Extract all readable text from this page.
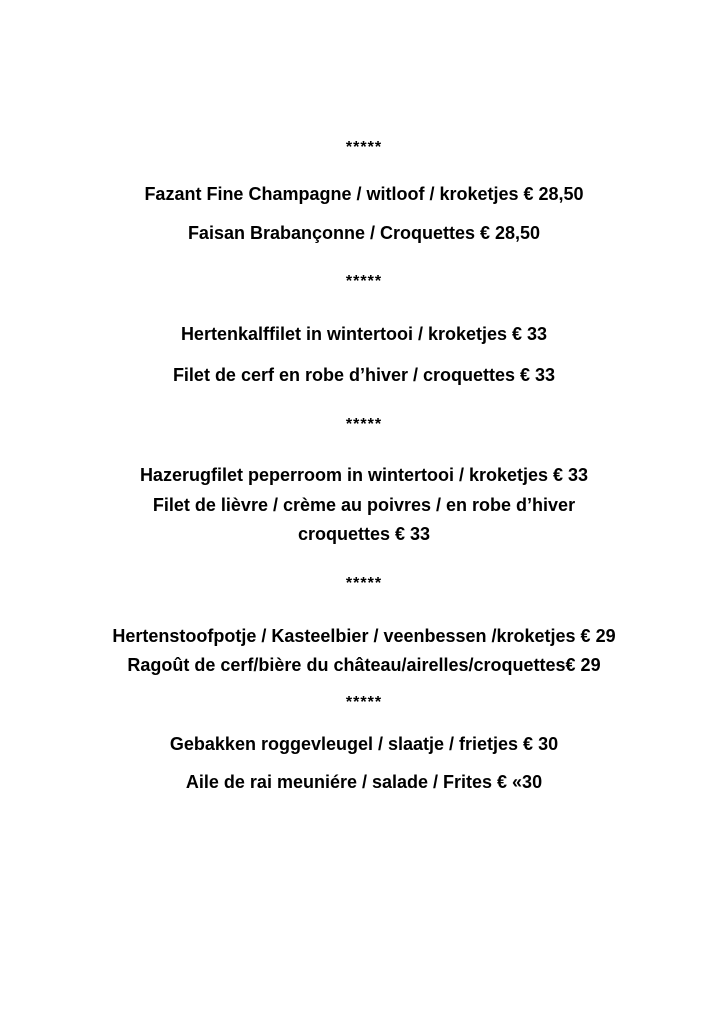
*****
Fazant Fine Champagne / witloof / kroketjes € 28,50
Faisan Brabançonne / Croquettes € 28,50
*****
Hertenkalffilet in wintertooi / kroketjes € 33
Filet de cerf en robe d’hiver / croquettes € 33
*****
Hazerugfilet peperroom in wintertooi / kroketjes € 33
Filet de lièvre / crème au poivres / en robe d’hiver
croquettes € 33
*****
Hertenstoofpotje / Kasteelbier / veenbessen /kroketjes € 29
Ragoût de cerf/bière du château/airelles/croquettes€ 29
*****
Gebakken roggevleugel / slaatje / frietjes € 30
Aile de rai meuniére / salade / Frites € «30
